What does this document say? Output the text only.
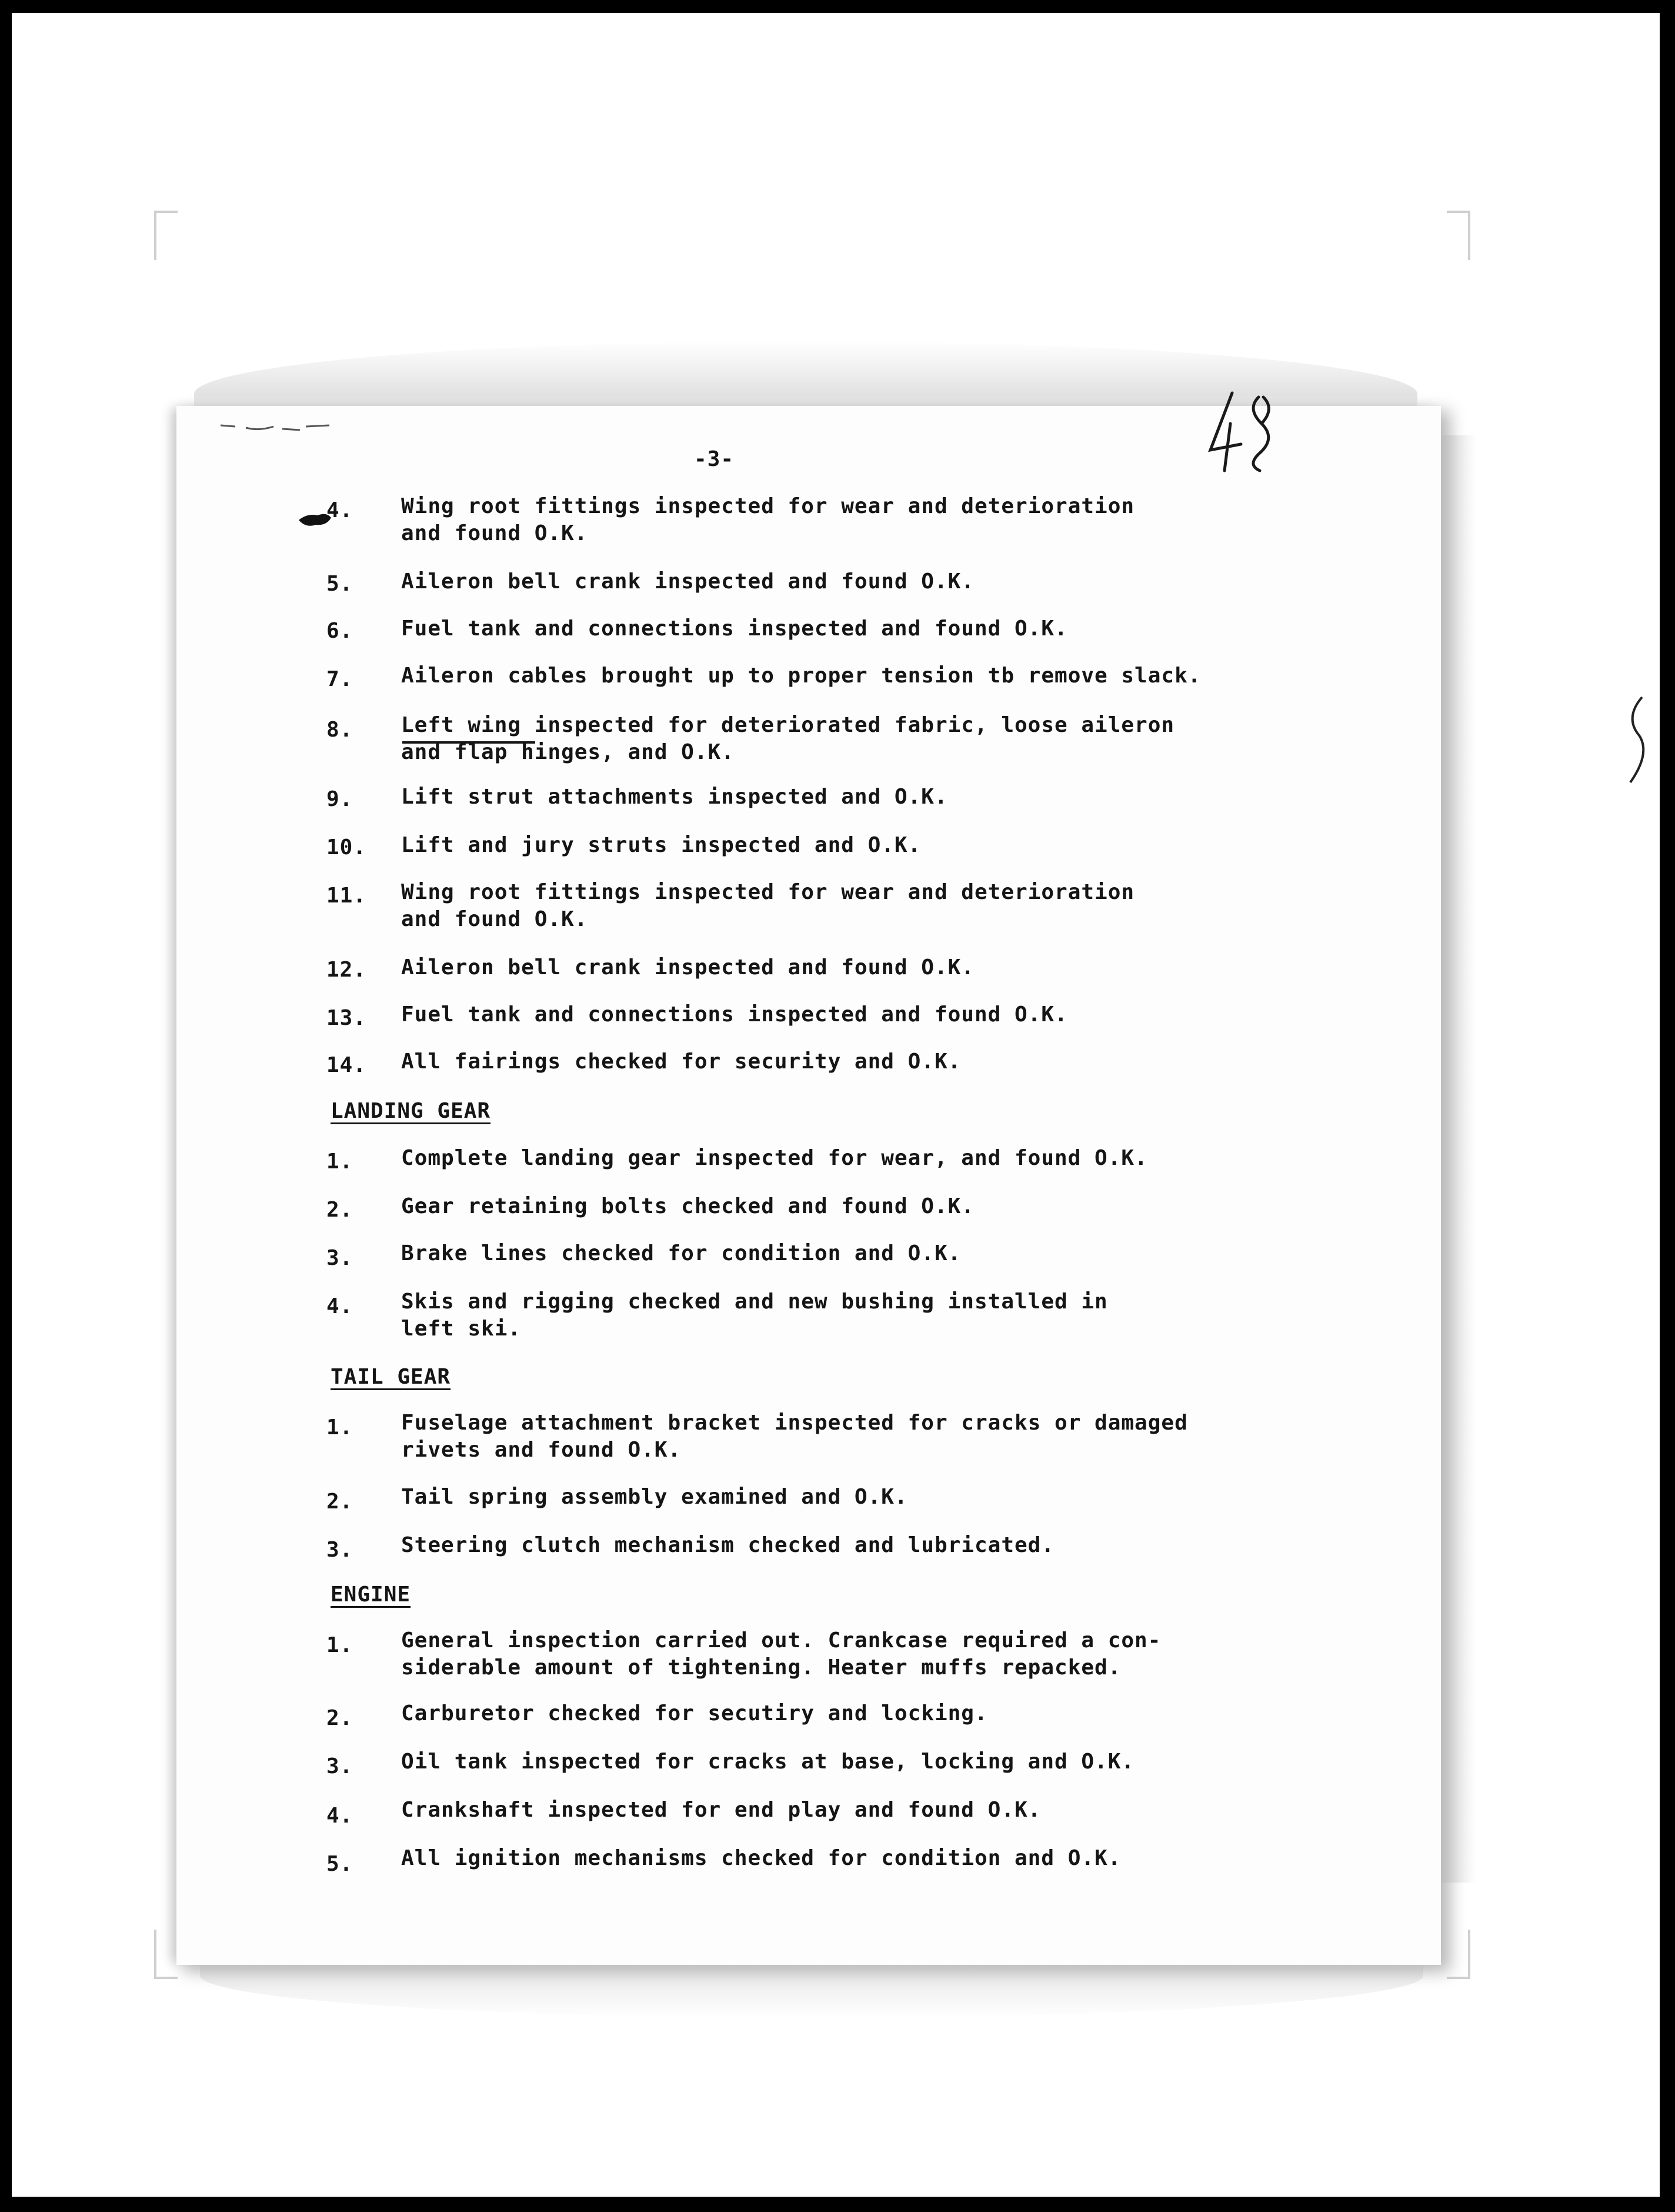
-3-
4. Wing root fittings inspected for wear and deterioration
and found O.K.
5. Aileron bell crank inspected and found O.K.
6. Fuel tank and connections inspected and found O.K.
7. Aileron cables brought up to proper tension tb remove slack.
8. Left wing inspected for deteriorated fabric, loose aileron
and flap hinges, and O.K.
9. Lift strut attachments inspected and O.K.
10. Lift and jury struts inspected and O.K.
11. Wing root fittings inspected for wear and deterioration
and found O.K.
12. Aileron bell crank inspected and found O.K.
13. Fuel tank and connections inspected and found O.K.
14. All fairings checked for security and O.K.
LANDING GEAR
1. Complete landing gear inspected for wear, and found O.K.
2. Gear retaining bolts checked and found O.K.
3. Brake lines checked for condition and O.K.
4. Skis and rigging checked and new bushing installed in
left ski.
TAIL GEAR
1. Fuselage attachment bracket inspected for cracks or damaged
rivets and found O.K.
2. Tail spring assembly examined and O.K.
3. Steering clutch mechanism checked and lubricated.
ENGINE
1. General inspection carried out. Crankcase required a con-
siderable amount of tightening. Heater muffs repacked.
2. Carburetor checked for secutiry and locking.
3. Oil tank inspected for cracks at base, locking and O.K.
4. Crankshaft inspected for end play and found O.K.
5. All ignition mechanisms checked for condition and O.K.
